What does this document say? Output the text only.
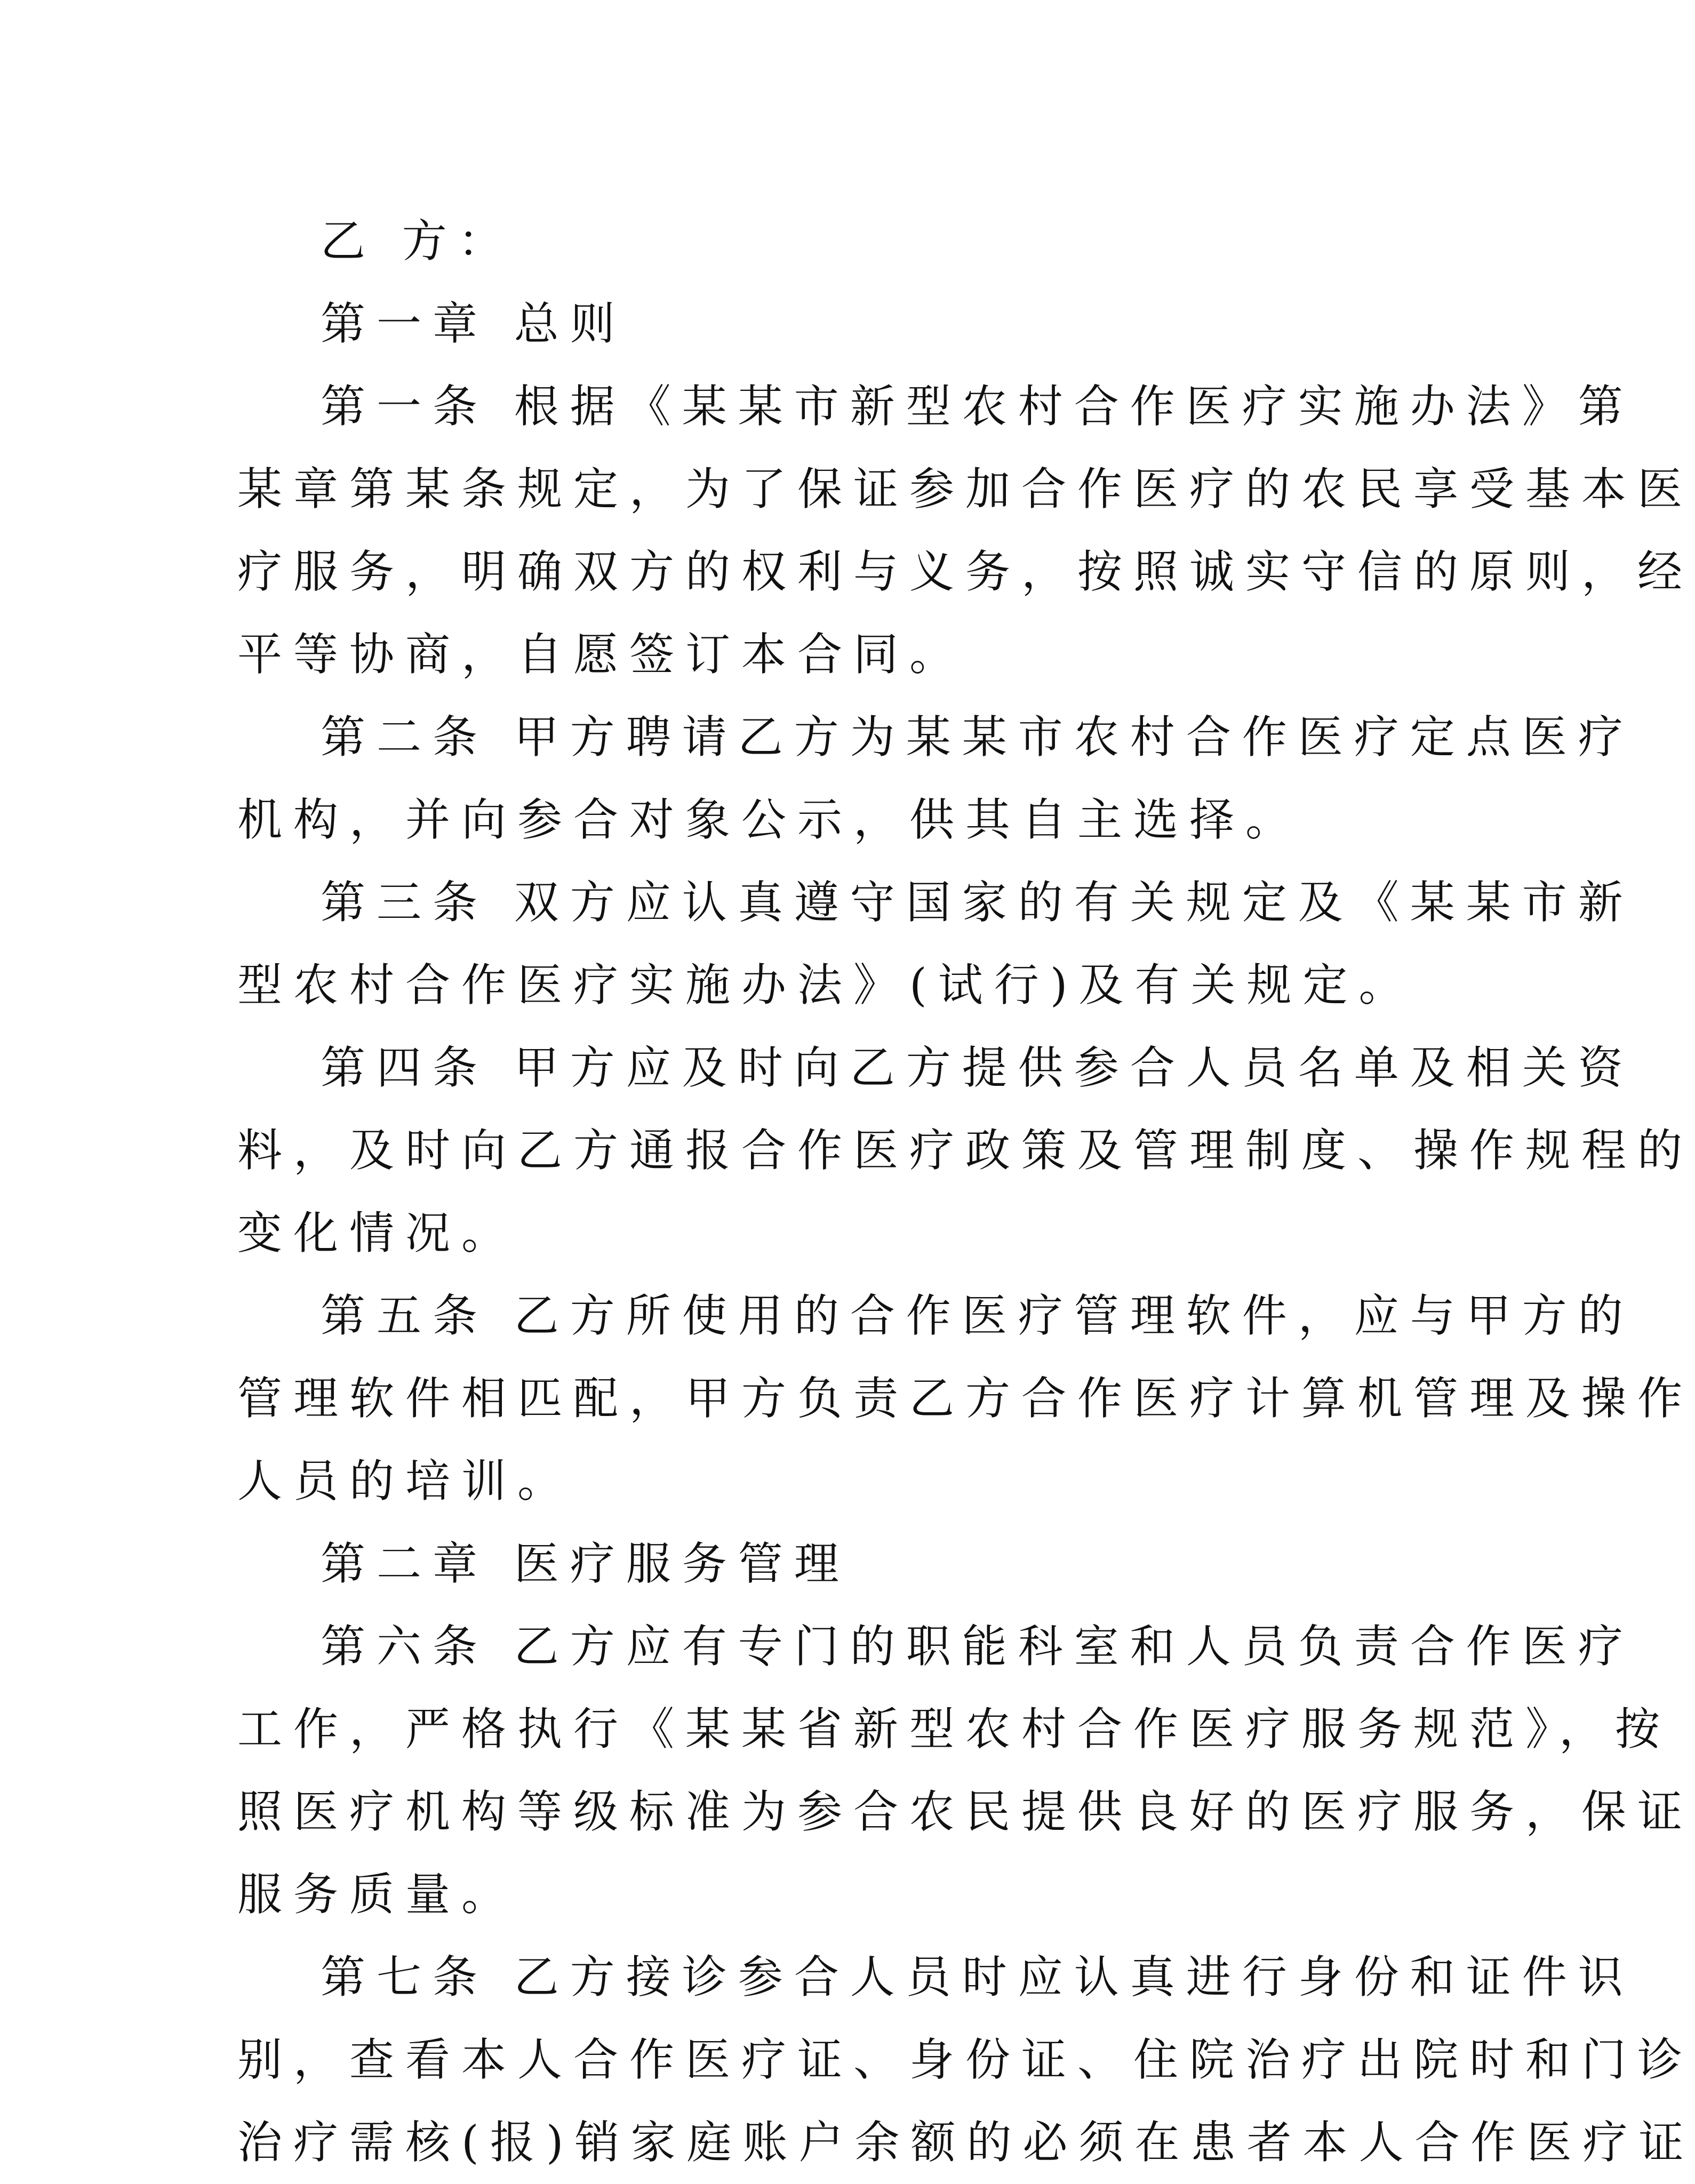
乙 方：
第一章 总则
第一条 根据《某某市新型农村合作医疗实施办法》第
某章第某条规定，为了保证参加合作医疗的农民享受基本医
疗服务，明确双方的权利与义务，按照诚实守信的原则，经
平等协商，自愿签订本合同。
第二条 甲方聘请乙方为某某市农村合作医疗定点医疗
机构，并向参合对象公示，供其自主选择。
第三条 双方应认真遵守国家的有关规定及《某某市新
型农村合作医疗实施办法》(试行)及有关规定。
第四条 甲方应及时向乙方提供参合人员名单及相关资
料，及时向乙方通报合作医疗政策及管理制度、操作规程的
变化情况。
第五条 乙方所使用的合作医疗管理软件，应与甲方的
管理软件相匹配，甲方负责乙方合作医疗计算机管理及操作
人员的培训。
第二章 医疗服务管理
第六条 乙方应有专门的职能科室和人员负责合作医疗
工作，严格执行《某某省新型农村合作医疗服务规范》，按
照医疗机构等级标准为参合农民提供良好的医疗服务，保证
服务质量。
第七条 乙方接诊参合人员时应认真进行身份和证件识
别，查看本人合作医疗证、身份证、住院治疗出院时和门诊
治疗需核(报)销家庭账户余额的必须在患者本人合作医疗证
